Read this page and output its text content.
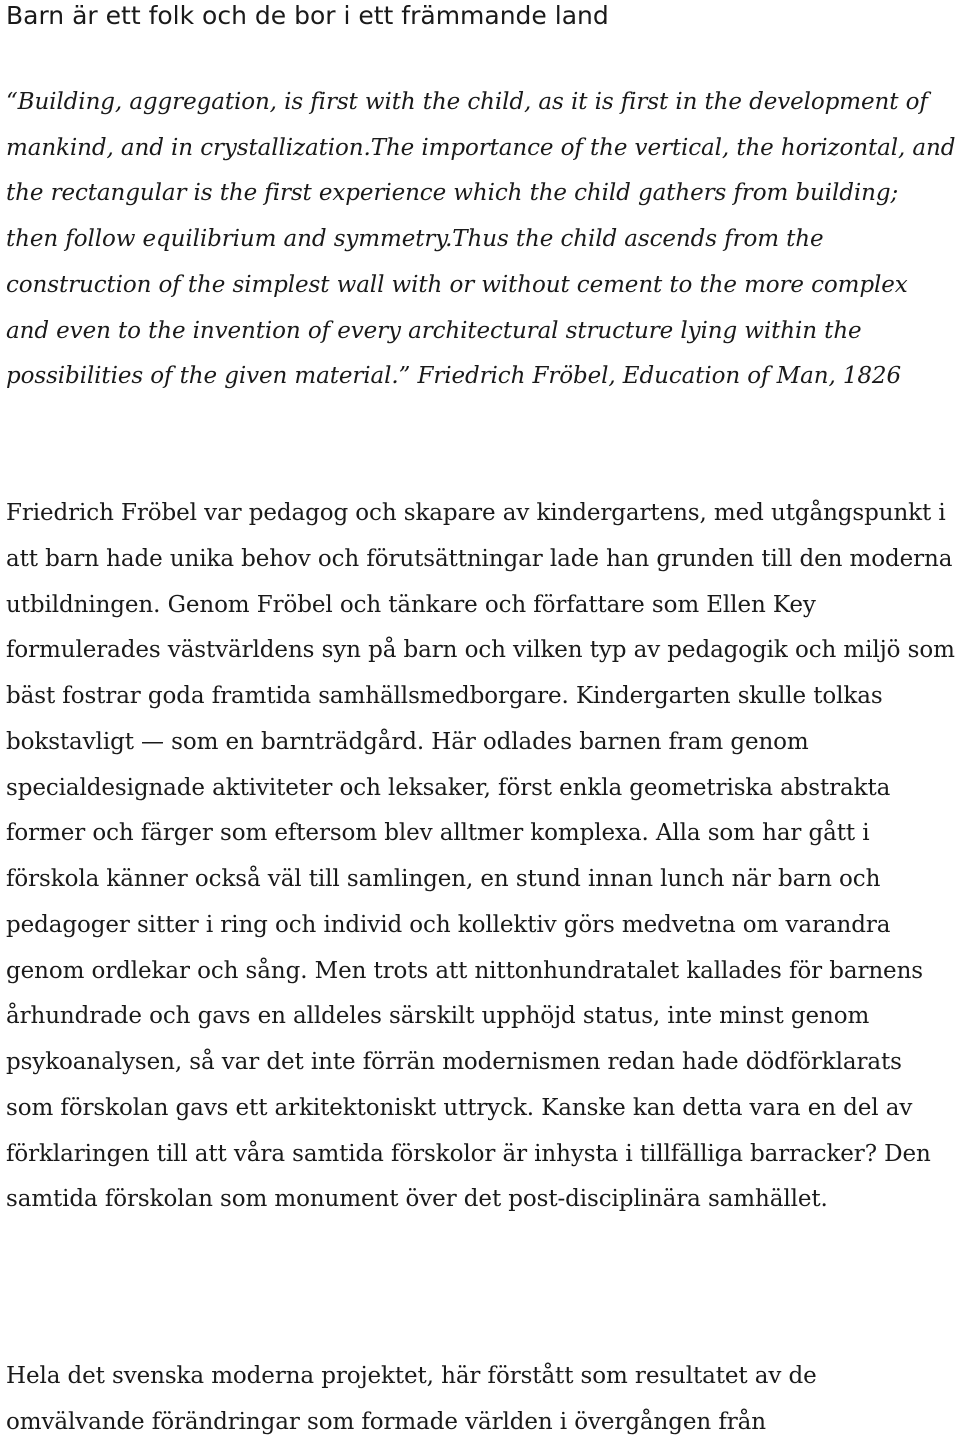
Barn är ett folk och de bor i ett främmande land

“Building, aggregation, is first with the child, as it is first in the development of mankind, and in crystallization.The importance of the vertical, the horizontal, and the rectangular is the first experience which the child gathers from building; then follow equilibrium and symmetry.Thus the child ascends from the construction of the simplest wall with or without cement to the more complex and even to the invention of every architectural structure lying within the possibilities of the given material.” Friedrich Fröbel, Education of Man, 1826

Friedrich Fröbel var pedagog och skapare av kindergartens, med utgångspunkt i att barn hade unika behov och förutsättningar lade han grunden till den moderna utbildningen. Genom Fröbel och tänkare och författare som Ellen Key formulerades västvärldens syn på barn och vilken typ av pedagogik och miljö som bäst fostrar goda framtida samhällsmedborgare. Kindergarten skulle tolkas bokstavligt — som en barnträdgård. Här odlades barnen fram genom specialdesignade aktiviteter och leksaker, först enkla geometriska abstrakta former och färger som eftersom blev alltmer komplexa. Alla som har gått i förskola känner också väl till samlingen, en stund innan lunch när barn och pedagoger sitter i ring och individ och kollektiv görs medvetna om varandra genom ordlekar och sång. Men trots att nittonhundratalet kallades för barnens århundrade och gavs en alldeles särskilt upphöjd status, inte minst genom psykoanalysen, så var det inte förrän modernismen redan hade dödförklarats som förskolan gavs ett arkitektoniskt uttryck. Kanske kan detta vara en del av förklaringen till att våra samtida förskolor är inhysta i tillfälliga barracker? Den samtida förskolan som monument över det post-disciplinära samhället.

Hela det svenska moderna projektet, här förstått som resultatet av de omvälvande förändringar som formade världen i övergången från
